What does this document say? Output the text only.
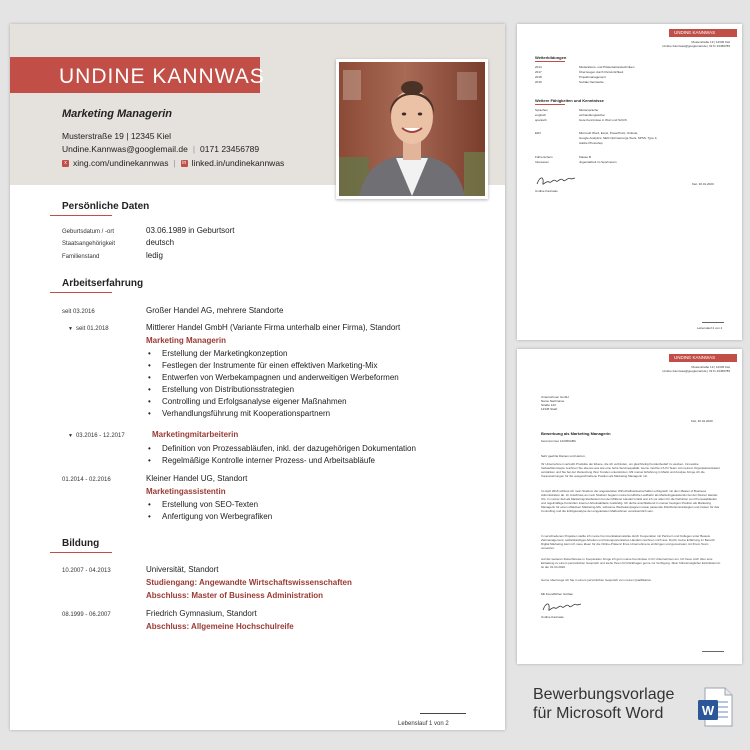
UNDINE KANNWAS
Marketing Managerin
Musterstraße 19 | 12345 Kiel
Undine.Kannwas@googlemail.de | 0171 23456789
x xing.com/undinekannwas | in linked.in/undinekannwas
Persönliche Daten
Geburtsdatum / -ort	03.06.1989 in Geburtsort
Staatsangehörigkeit	deutsch
Familienstand	ledig
Arbeitserfahrung
seit 03.2016	Großer Handel AG, mehrere Standorte
▼ seit 01.2018	Mittlerer Handel GmbH (Variante Firma unterhalb einer Firma), Standort
Marketing Managerin
• Erstellung der Marketingkonzeption
• Festlegen der Instrumente für einen effektiven Marketing-Mix
• Entwerfen von Werbekampagnen und anderweitigen Werbeformen
• Erstellung von Distributionsstrategien
• Controlling und Erfolgsanalyse eigener Maßnahmen
• Verhandlungsführung mit Kooperationspartnern
▼ 03.2016 - 12.2017	Marketingmitarbeiterin
• Definition von Prozessabläufen, inkl. der dazugehörigen Dokumentation
• Regelmäßige Kontrolle interner Prozess- und Arbeitsabläufe
01.2014 - 02.2016	Kleiner Handel UG, Standort
Marketingassistentin
• Erstellung von SEO-Texten
• Anfertigung von Werbegrafiken
Bildung
10.2007 - 04.2013	Universität, Standort
Studiengang: Angewandte Wirtschaftswissenschaften
Abschluss: Master of Business Administration
08.1999 - 06.2007	Friedrich Gymnasium, Standort
Abschluss: Allgemeine Hochschulreife
Lebenslauf 1 von 2
UNDINE KANNWAS
Musterstraße 19 | 12345 Kiel
Undine.Kannwas@googlemail.de | 0171 23456789
Weiterbildungen
2014	Moderations- und Präsentationstechniken
2017	Überzeugen durch Persönlichkeit
2018	Projektmanagement
2019	Soziale Netzwerke
Weitere Fähigkeiten und Kenntnisse
Sprachen	Muttersprache
englisch	verhandlungssicher
spanisch	Gute Kenntnisse in Wort und Schrift
EDV	Microsoft Word, Excel, PowerPoint, Outlook,
Google Analytics, SEO-Optimierungs-Tools, SPSS, Typo 3,
Adobe Photoshop
Führerschein	Klasse B
Interessen	Jugendarbeit im Sportverein
Undine Kannwas
Kiel, 30.01.2020
Lebenslauf 2 von 2
UNDINE KANNWAS
Musterstraße 19 | 12345 Kiel
Undine.Kannwas@googlemail.de | 0171 23456789
Unternehmen GmbH
Name Nachname
Straße 123
12345 Stadt
Kiel, 30.01.2020
Bewerbung als Marketing Managerin
Kennnummer 123456ABC
Sehr geehrte Damen und Herren,
Ihr Unternehmen vertreibt Produkte der Ebene, die ich verbinden, um gleichzeitig Kundenbedarf zu wecken. Innovative Verkaufskonzepte zeichnen Sie ebenso aus wie eine hohe Servicequalität. Gerne möchte ich Ihr Team mit meinem Organisationstalent verstärken und Sie bei der Zielsetzung Ihrer Kunden unterstützen. Mit meiner Erfahrung in Markt und Analyse bringe ich die Voraussetzungen für die ausgeschriebene Position als Marketing Managerin mit.
Im April 2016 schloss ich mein Studium der angewandten Wirtschaftswissenschaften erfolgreich mit dem Master of Business Administration ab. Im Anschluss an mein Studium begann meine berufliche Laufbahn als Marketingassistentin bei der Kleiner Handel UG. In meiner Zeit als Marketingmitarbeiterin bei der Mittlerer Handel GmbH war ich vor allem für die Definition von Prozessabläufen und regelmäßige Kontrollen interner Arbeitsabläufe zuständig. Ich durfte anschließend in meiner heutigen Position als Marketing Managerin für einen effektiven Marketing-Mix, wirksame Werbekampagnen sowie passende Distributionsstrategien und zudem für das Controlling und die Erfolgsanalyse der eingeleiteten Maßnahmen verantwortlich sein.
In verschiedenen Projekten stellte ich meine Kommunikationsstärke durch Kooperation mit Partnern und Kollegen unter Beweis. Zeitmanagement, selbstständiges Arbeiten und lösungsorientiertes Handeln zeichnen mich aus. Durch meine Erfahrung im Bereich Digital Marketing kann ich neue Ideen für die Online-Präsenz Ihres Unternehmens einbringen und gemeinsam mit Ihrem Team umsetzen.
Auf der weiteren Zukunftsreise in Kooperation bringe ich gern meine Kenntnisse in Ihr Unternehmen ein. Ich freue mich über eine Einladung zu einem persönlichen Gespräch und stehe Ihnen für Rückfragen gerne zur Verfügung. Mein frühestmöglicher Eintrittstermin ist der 01.04.2020.
Gerne überzeuge ich Sie in einem persönlichen Gespräch von meiner Qualifikation.
Mit freundlichen Grüßen
Undine Kannwas
Bewerbungsvorlage
für Microsoft Word	W
